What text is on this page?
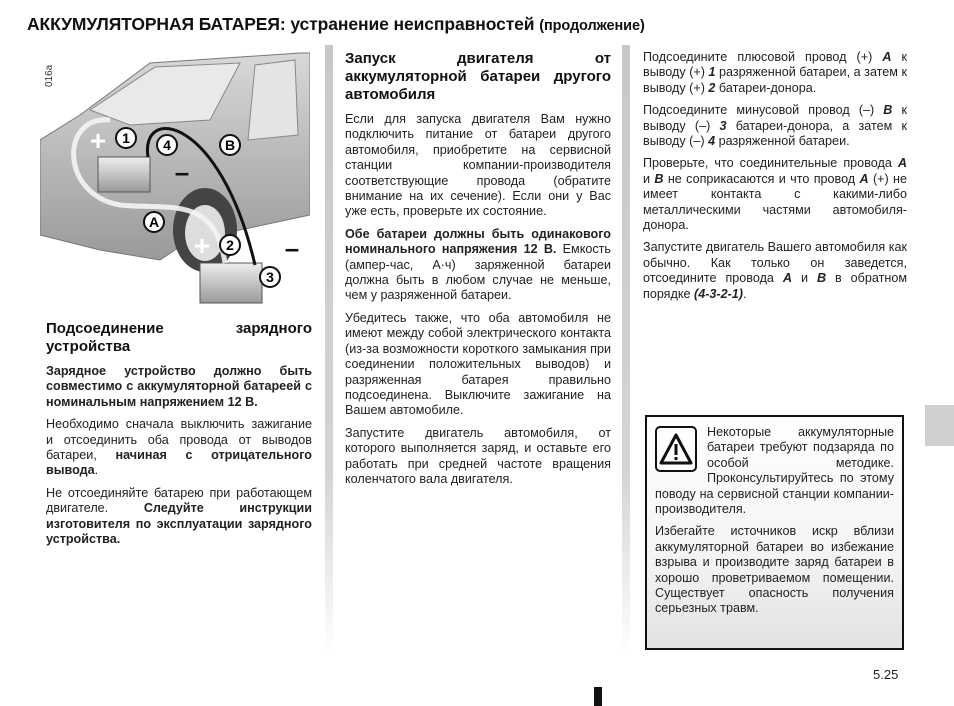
АККУМУЛЯТОРНАЯ БАТАРЕЯ: устранение неисправностей (продолжение)
016a
+
+
–
–
1 4	B
A
2
3
Подсоединение зарядного устройства

Зарядное устройство должно быть совместимо с аккумуляторной батареей с номинальным напряжением 12 В.

Необходимо сначала выключить зажигание и отсоединить оба провода от выводов батареи, начиная с отрицательного вывода.

Не отсоединяйте батарею при работающем двигателе. Следуйте инструкции изготовителя по эксплуатации зарядного устройства.

Запуск двигателя от аккумуляторной батареи другого автомобиля

Если для запуска двигателя Вам нужно подключить питание от батареи другого автомобиля, приобретите на сервисной станции компании-производителя соответствующие провода (обратите внимание на их сечение). Если они у Вас уже есть, проверьте их состояние.

Обе батареи должны быть одинакового номинального напряжения 12 В. Емкость (ампер-час, А·ч) заряженной батареи должна быть в любом случае не меньше, чем у разряженной батареи.

Убедитесь также, что оба автомобиля не имеют между собой электрического контакта (из-за возможности короткого замыкания при соединении положительных выводов) и разряженная батарея правильно подсоединена. Выключите зажигание на Вашем автомобиле.

Запустите двигатель автомобиля, от которого выполняется заряд, и оставьте его работать при средней частоте вращения коленчатого вала двигателя.

Подсоедините плюсовой провод (+) A к выводу (+) 1 разряженной батареи, а затем к выводу (+) 2 батареи-донора.

Подсоедините минусовой провод (–) B к выводу (–) 3 батареи-донора, а затем к выводу (–) 4 разряженной батареи.

Проверьте, что соединительные провода A и B не соприкасаются и что провод A (+) не имеет контакта с какими-либо металлическими частями автомобиля-донора.

Запустите двигатель Вашего автомобиля как обычно. Как только он заведется, отсоедините провода A и B в обратном порядке (4-3-2-1).

Некоторые аккумуляторные батареи требуют подзаряда по особой методике. Проконсультируйтесь по этому поводу на сервисной станции компании-производителя.

Избегайте источников искр вблизи аккумуляторной батареи во избежание взрыва и производите заряд батареи в хорошо проветриваемом помещении. Существует опасность получения серьезных травм.

5.25
